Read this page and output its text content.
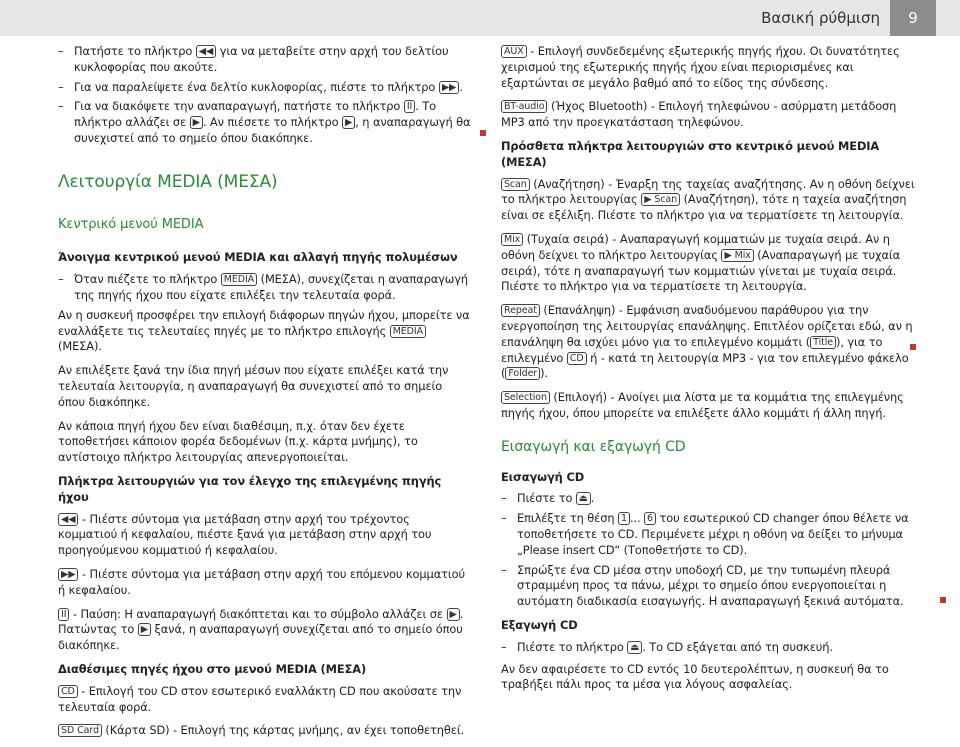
Βασική ρύθμιση	9
– Πατήστε το πλήκτρο ◀◀ για να μεταβείτε στην αρχή του δελτίου κυκλοφορίας που ακούτε.
– Για να παραλείψετε ένα δελτίο κυκλοφορίας, πιέστε το πλήκτρο ▶▶ .
– Για να διακόψετε την αναπαραγωγή, πατήστε το πλήκτρο II . Το πλήκτρο αλλάζει σε ▶ . Αν πιέσετε το πλήκτρο ▶ , η αναπαραγωγή θα συνεχιστεί από το σημείο όπου διακόπηκε.
Λειτουργία MEDIA (ΜΕΣΑ)
Κεντρικό μενού MEDIA
Άνοιγμα κεντρικού μενού MEDIA και αλλαγή πηγής πολυμέσων
– Όταν πιέζετε το πλήκτρο MEDIA (ΜΕΣΑ), συνεχίζεται η αναπαραγωγή της πηγής ήχου που είχατε επιλέξει την τελευταία φορά.

Αν η συσκευή προσφέρει την επιλογή διάφορων πηγών ήχου, μπορείτε να εναλλάξετε τις τελευταίες πηγές με το πλήκτρο επιλογής MEDIA (ΜΕΣΑ).

Αν επιλέξετε ξανά την ίδια πηγή μέσων που είχατε επιλέξει κατά την τελευταία λειτουργία, η αναπαραγωγή θα συνεχιστεί από το σημείο όπου διακόπηκε.

Αν κάποια πηγή ήχου δεν είναι διαθέσιμη, π.χ. όταν δεν έχετε τοποθετήσει κάποιον φορέα δεδομένων (π.χ. κάρτα μνήμης), το αντίστοιχο πλήκτρο λειτουργίας απενεργοποιείται.

Πλήκτρα λειτουργιών για τον έλεγχο της επιλεγμένης πηγής ήχου

◀◀ - Πιέστε σύντομα για μετάβαση στην αρχή του τρέχοντος κομματιού ή κεφαλαίου, πιέστε ξανά για μετάβαση στην αρχή του προηγούμενου κομματιού ή κεφαλαίου.

▶▶ - Πιέστε σύντομα για μετάβαση στην αρχή του επόμενου κομματιού ή κεφαλαίου.

II - Παύση: Η αναπαραγωγή διακόπτεται και το σύμβολο αλλάζει σε ▶ . Πατώντας το ▶ ξανά, η αναπαραγωγή συνεχίζεται από το σημείο όπου διακόπηκε.

Διαθέσιμες πηγές ήχου στο μενού MEDIA (ΜΕΣΑ)

CD - Επιλογή του CD στον εσωτερικό εναλλάκτη CD που ακούσατε την τελευταία φορά.

SD Card (Κάρτα SD) - Επιλογή της κάρτας μνήμης, αν έχει τοποθετηθεί.

AUX - Επιλογή συνδεδεμένης εξωτερικής πηγής ήχου. Οι δυνατότητες χειρισμού της εξωτερικής πηγής ήχου είναι περιορισμένες και εξαρτώνται σε μεγάλο βαθμό από το είδος της σύνδεσης.

BT-audio (Ήχος Bluetooth) - Επιλογή τηλεφώνου - ασύρματη μετάδοση MP3 από την προεγκατάσταση τηλεφώνου.

Πρόσθετα πλήκτρα λειτουργιών στο κεντρικό μενού MEDIA (ΜΕΣΑ)

Scan (Αναζήτηση) - Έναρξη της ταχείας αναζήτησης. Αν η οθόνη δείχνει το πλήκτρο λειτουργίας ▶ Scan (Αναζήτηση), τότε η ταχεία αναζήτηση είναι σε εξέλιξη. Πιέστε το πλήκτρο για να τερματίσετε τη λειτουργία.

Mix (Τυχαία σειρά) - Αναπαραγωγή κομματιών με τυχαία σειρά. Αν η οθόνη δείχνει το πλήκτρο λειτουργίας ▶ Mix (Αναπαραγωγή με τυχαία σειρά), τότε η αναπαραγωγή των κομματιών γίνεται με τυχαία σειρά. Πιέστε το πλήκτρο για να τερματίσετε τη λειτουργία.

Repeat (Επανάληψη) - Εμφάνιση αναδυόμενου παράθυρου για την ενεργοποίηση της λειτουργίας επανάληψης. Επιτλέον ορίζεται εδώ, αν η επανάληψη θα ισχύει μόνο για το επιλεγμένο κομμάτι ( Title ), για το επιλεγμένο CD ή - κατά τη λειτουργία MP3 - για τον επιλεγμένο φάκελο ( Folder ).

Selection (Επιλογή) - Ανοίγει μια λίστα με τα κομμάτια της επιλεγμένης πηγής ήχου, όπου μπορείτε να επιλέξετε άλλο κομμάτι ή άλλη πηγή.

Εισαγωγή και εξαγωγή CD
Εισαγωγή CD
– Πιέστε το ⏏ .
– Επιλέξτε τη θέση 1 ... 6 του εσωτερικού CD changer όπου θέλετε να τοποθετήσετε το CD. Περιμένετε μέχρι η οθόνη να δείξει το μήνυμα „Please insert CD“ (Τοποθετήστε το CD).
– Σπρώξτε ένα CD μέσα στην υποδοχή CD, με την τυπωμένη πλευρά στραμμένη προς τα πάνω, μέχρι το σημείο όπου ενεργοποιείται η αυτόματη διαδικασία εισαγωγής. Η αναπαραγωγή ξεκινά αυτόματα.
Εξαγωγή CD
– Πιέστε το πλήκτρο ⏏ . Το CD εξάγεται από τη συσκευή.

Αν δεν αφαιρέσετε το CD εντός 10 δευτερολέπτων, η συσκευή θα το τραβήξει πάλι προς τα μέσα για λόγους ασφαλείας.
